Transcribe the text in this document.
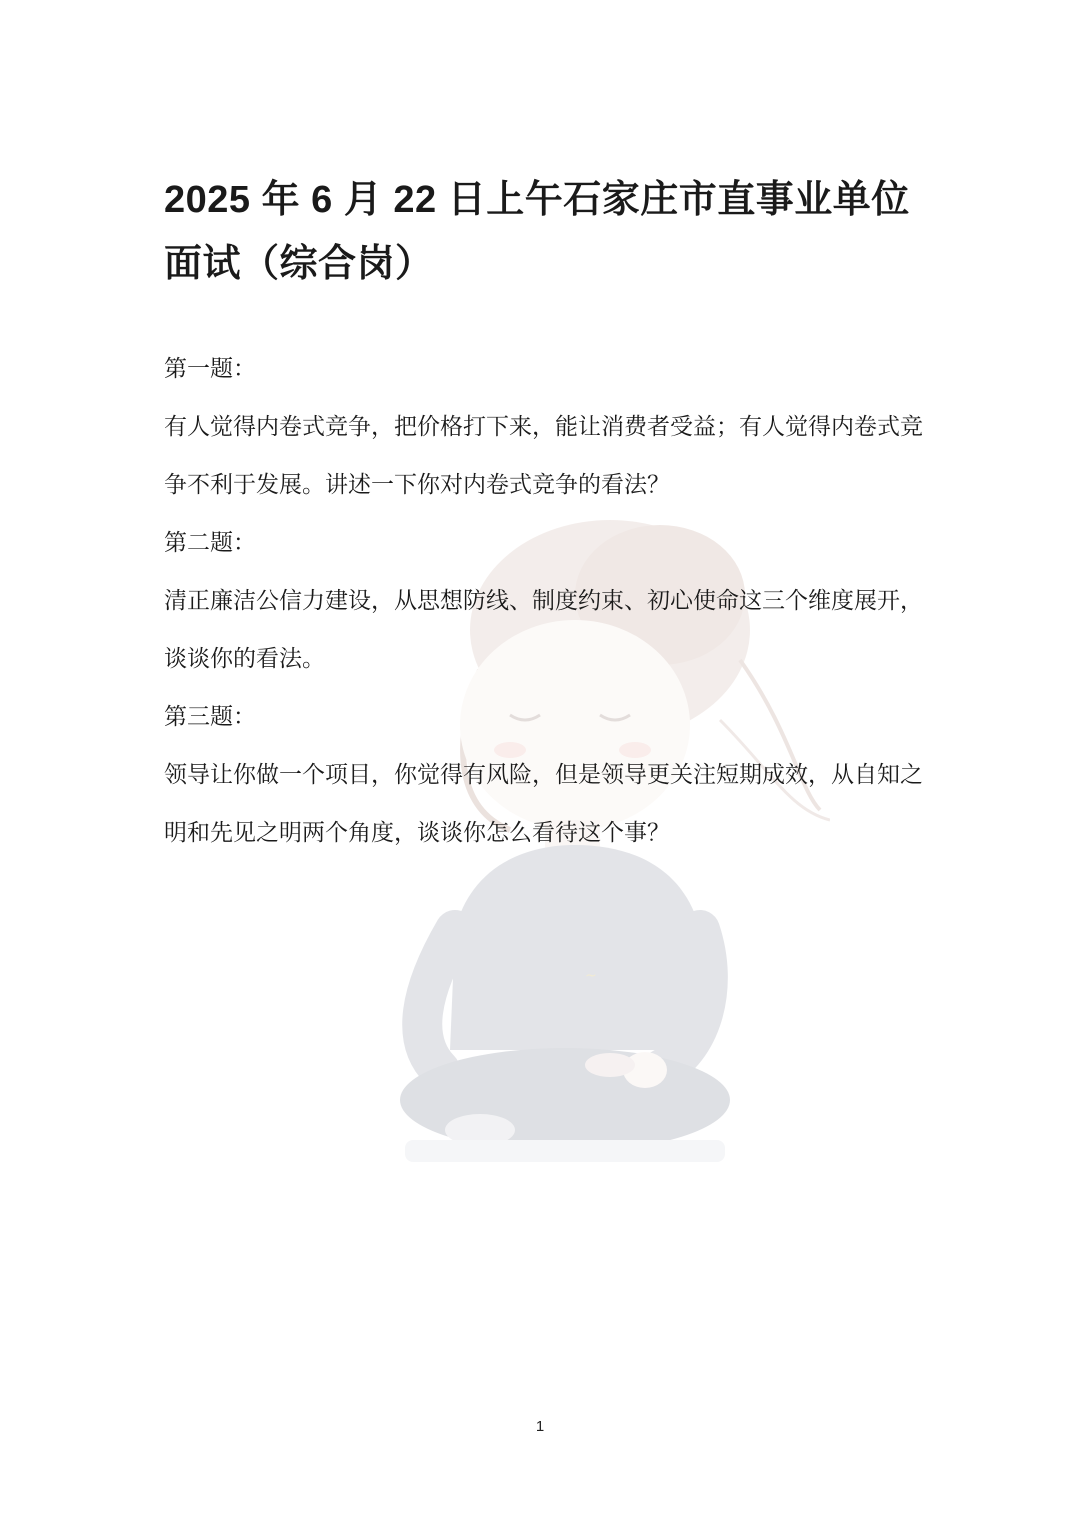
~
2025 年 6 月 22 日上午石家庄市直事业单位面试（综合岗）

第一题：

有人觉得内卷式竞争，把价格打下来，能让消费者受益；有人觉得内卷式竞争不利于发展。讲述一下你对内卷式竞争的看法？

第二题：

清正廉洁公信力建设，从思想防线、制度约束、初心使命这三个维度展开，谈谈你的看法。

第三题：

领导让你做一个项目，你觉得有风险，但是领导更关注短期成效，从自知之明和先见之明两个角度，谈谈你怎么看待这个事？

1
